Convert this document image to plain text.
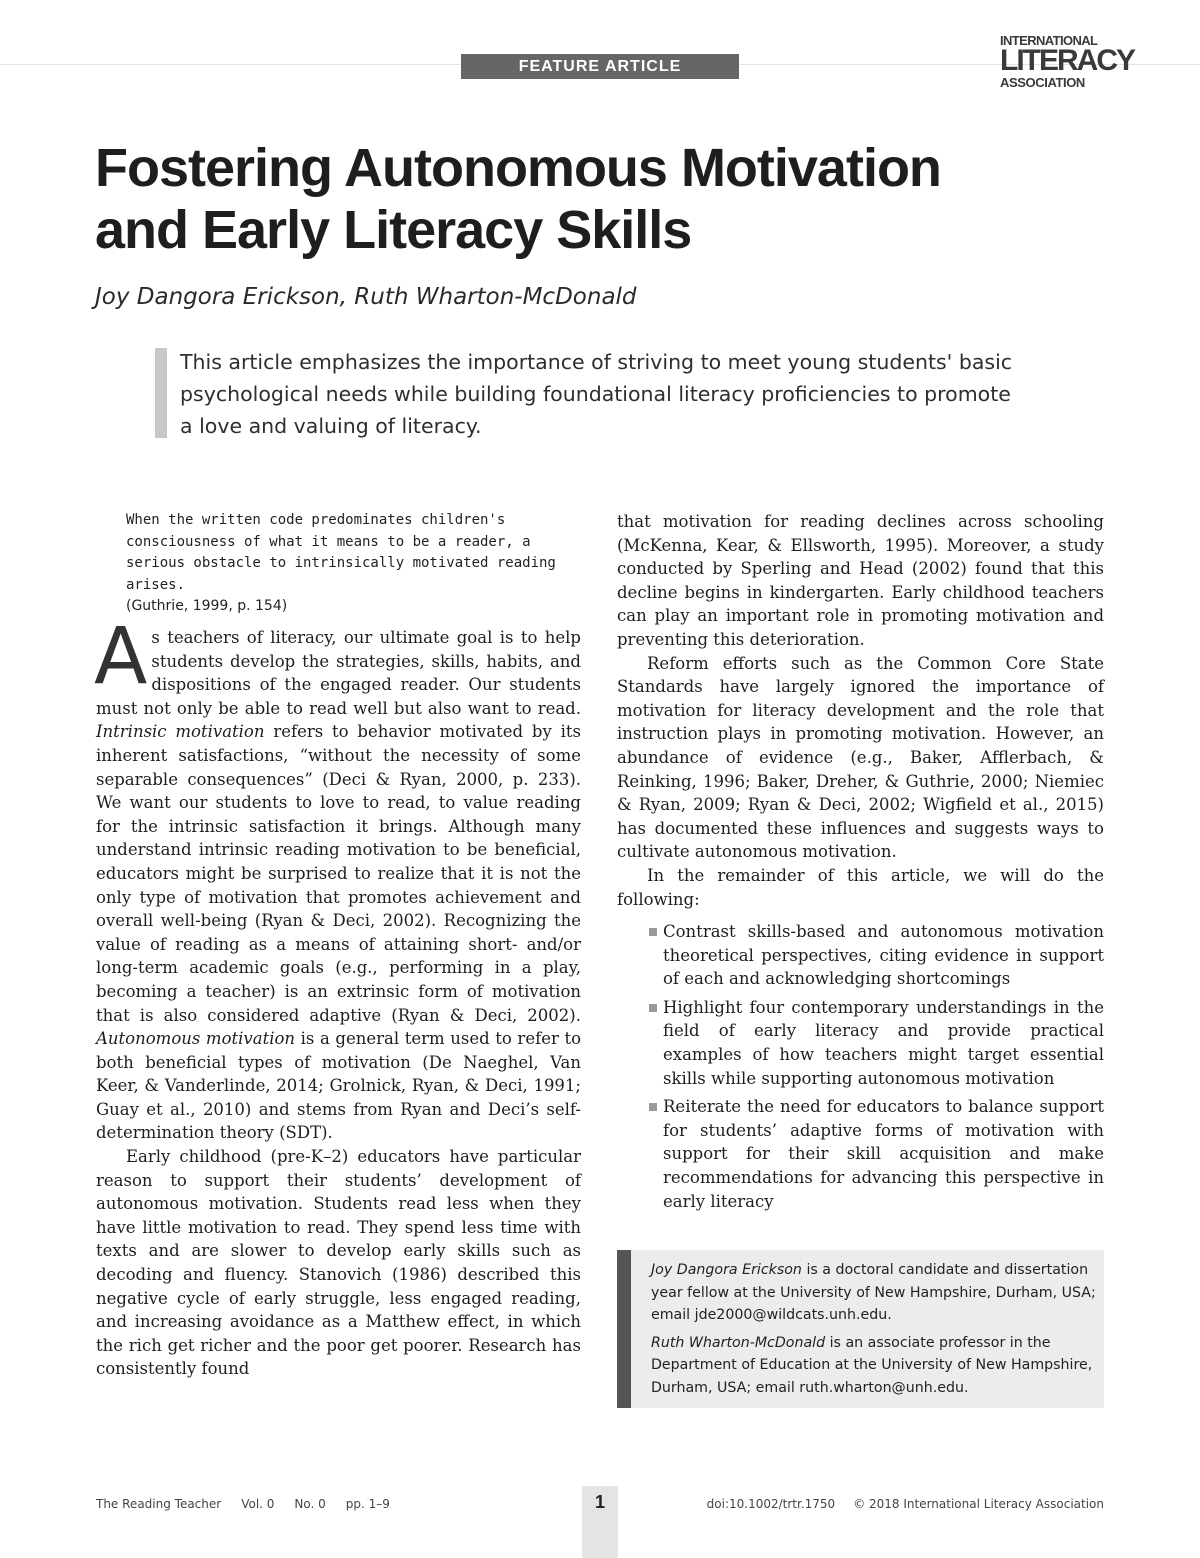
FEATURE ARTICLE
INTERNATIONAL
LITERACY
ASSOCIATION
Fostering Autonomous Motivation
and Early Literacy Skills
Joy Dangora Erickson, Ruth Wharton-McDonald
This article emphasizes the importance of striving to meet young students' basic psychological needs while building foundational literacy proficiencies to promote a love and valuing of literacy.
When the written code predominates children's consciousness of what it means to be a reader, a serious obstacle to intrinsically motivated reading arises.
(Guthrie, 1999, p. 154)

As teachers of literacy, our ultimate goal is to help students develop the strategies, skills, habits, and dispositions of the engaged reader. Our students must not only be able to read well but also want to read. Intrinsic motivation refers to behavior motivated by its inherent satisfactions, “without the necessity of some separable consequences” (Deci & Ryan, 2000, p. 233). We want our students to love to read, to value reading for the intrinsic satisfaction it brings. Although many understand intrinsic reading motivation to be beneficial, educators might be surprised to realize that it is not the only type of motivation that promotes achievement and overall well-being (Ryan & Deci, 2002). Recognizing the value of reading as a means of attaining short- and/or long-term academic goals (e.g., performing in a play, becoming a teacher) is an extrinsic form of motivation that is also considered adaptive (Ryan & Deci, 2002). Autonomous motivation is a general term used to refer to both beneficial types of motivation (De Naeghel, Van Keer, & Vanderlinde, 2014; Grolnick, Ryan, & Deci, 1991; Guay et al., 2010) and stems from Ryan and Deci’s self-determination theory (SDT).

Early childhood (pre-K–2) educators have particular reason to support their students’ development of autonomous motivation. Students read less when they have little motivation to read. They spend less time with texts and are slower to develop early skills such as decoding and fluency. Stanovich (1986) described this negative cycle of early struggle, less engaged reading, and increasing avoidance as a Matthew effect, in which the rich get richer and the poor get poorer. Research has consistently found

that motivation for reading declines across schooling (McKenna, Kear, & Ellsworth, 1995). Moreover, a study conducted by Sperling and Head (2002) found that this decline begins in kindergarten. Early childhood teachers can play an important role in promoting motivation and preventing this deterioration.

Reform efforts such as the Common Core State Standards have largely ignored the importance of motivation for literacy development and the role that instruction plays in promoting motivation. However, an abundance of evidence (e.g., Baker, Afflerbach, & Reinking, 1996; Baker, Dreher, & Guthrie, 2000; Niemiec & Ryan, 2009; Ryan & Deci, 2002; Wigfield et al., 2015) has documented these influences and suggests ways to cultivate autonomous motivation.

In the remainder of this article, we will do the following:

Contrast skills-based and autonomous motivation theoretical perspectives, citing evidence in support of each and acknowledging shortcomings
Highlight four contemporary understandings in the field of early literacy and provide practical examples of how teachers might target essential skills while supporting autonomous motivation
Reiterate the need for educators to balance support for students’ adaptive forms of motivation with support for their skill acquisition and make recommendations for advancing this perspective in early literacy

Joy Dangora Erickson is a doctoral candidate and dissertation year fellow at the University of New Hampshire, Durham, USA; email jde2000@wildcats.unh.edu.

Ruth Wharton-McDonald is an associate professor in the Department of Education at the University of New Hampshire, Durham, USA; email ruth.wharton@unh.edu.

The Reading Teacher Vol. 0 No. 0 pp. 1–9	1	doi:10.1002/trtr.1750 © 2018 International Literacy Association
